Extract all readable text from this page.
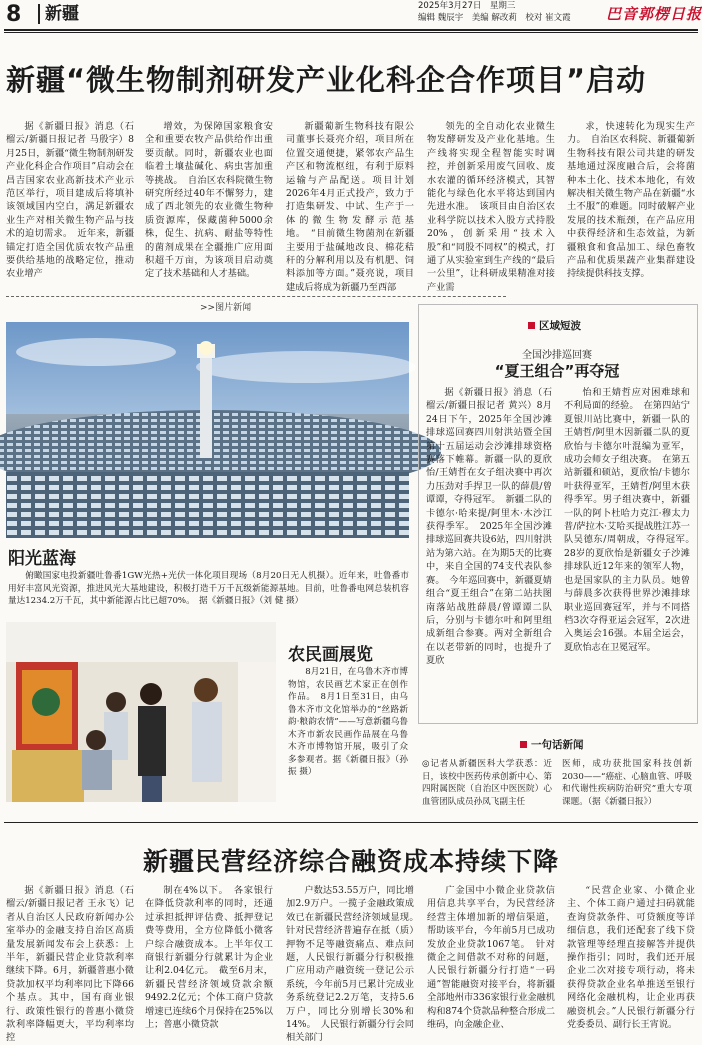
8	新疆	2025年3月27日　星期三
编辑 魏辰宇　美编 解改莉　校对 崔文霞 巴音郭楞日报
新疆“微生物制剂研发产业化科企合作项目”启动

据《新疆日报》消息（石榴云/新疆日报记者 马殷字）8月25日，新疆“微生物制剂研发产业化科企合作项目”启动会在昌吉国家农业高新技术产业示范区举行，项目建成后将填补该领域国内空白，满足新疆农业生产对相关微生物产品与技术的迫切需求。　近年来，新疆锚定打造全国优质农牧产品重要供给基地的战略定位，推动农业增产

增效，为保障国家粮食安全和重要农牧产品供给作出重要贡献。同时，新疆农业也面临着土壤盐碱化、病虫害加重等挑战。　自治区农科院微生物研究所经过40年不懈努力，建成了西北领先的农业微生物种质资源库，保藏菌种5000余株，促生、抗病、耐盐等特性的菌剂成果在全疆推广应用面积超千万亩，为该项目启动奠定了技术基础和人才基础。

新疆葡新生物科技有限公司董事长聂亮介绍，项目所在位置交通便捷，紧邻农产品生产区和物流枢纽，有利于原料运输与产品配送。项目计划2026年4月正式投产，致力于打造集研发、中试、生产于一体的微生物发酵示范基地。　“目前微生物菌剂在新疆主要用于盐碱地改良、棉花秸秆的分解利用以及有机肥、饲料添加等方面。”聂亮说，项目建成后将成为新疆乃至西部

领先的全自动化农业微生物发酵研发及产业化基地。生产线将实现全程智能实时调控，并创新采用废气回收、废水农灌的循环经济模式，其智能化与绿色化水平将达到国内先进水准。　该项目由自治区农业科学院以技术入股方式持股20%，创新采用“技术入股”和“同股不同权”的模式，打通了从实验室到生产线的“最后一公里”，让科研成果精准对接产业需

求，快速转化为现实生产力。　自治区农科院、新疆葡新生物科技有限公司共建的研发基地通过深度融合后，会将菌种本土化、技术本地化，有效解决相关微生物产品在新疆“水土不服”的难题。同时破解产业发展的技术瓶颈，在产品应用中获得经济和生态效益，为新疆粮食和食品加工、绿色畜牧产品和优质果蔬产业集群建设持续提供科技支撑。

>>图片新闻
阳光蓝海
俯瞰国家电投新疆吐鲁番1GW光热+光伏一体化项目现场（8月20日无人机摄）。近年来，吐鲁番市用好丰富风光资源，推进风光大基地建设，积极打造千万千瓦级新能源基地。目前，吐鲁番电网总装机容量达1234.2万千瓦，其中新能源占比已超70%。　 据《新疆日报》（刘 健 摄）
农民画展览
8月21日，在乌鲁木齐市博物馆，农民画艺术家正在创作作品。　8月1日至31日，由乌鲁木齐市文化馆举办的“丝路新韵·粮韵农情”——写意新疆乌鲁木齐市新农民画作品展在乌鲁木齐市博物馆开展，吸引了众多参观者。据《新疆日报》（孙 振 摄）
区域短波
全国沙排巡回赛
“夏王组合”再夺冠

据《新疆日报》消息（石榴云/新疆日报记者 黄兴）8月24日下午，2025年全国沙滩排球巡回赛四川射洪站暨全国第十五届运动会沙滩排球资格赛落下帷幕。新疆一队的夏欣怡/王婧哲在女子组决赛中再次力压劲对手捍卫一队的薛晨/曾谭谭，夺得冠军。　新疆二队的卡德尔·哈来提/阿里木·木沙江获得季军。　2025年全国沙滩排球巡回赛共设6站，四川射洪站为第六站。在为期5天的比赛中，来自全国的74支代表队参赛。　今年巡回赛中，新疆夏婧组合“夏王组合”在第二站扶图南落站战胜薛晨/曾谭谭二队后，分别与卡德尔叶和阿里组成新组合参赛。两对全新组合在以老带新的同时，也提升了夏欣

怡和王婧哲应对困难球和不利局面的经验。　在第四站宁夏银川站比赛中，新疆一队的王婧哲/阿里木因新疆二队的夏欣怡与卡德尔叶混编为亚军，成功会师女子组决赛。　在第五站新疆和硕站，夏欣怡/卡德尔叶获得亚军，王婧哲/阿里木获得季军。男子组决赛中，新疆一队的阿卜杜哈力克江·穆太力普/萨拉木·艾哈买提战胜江苏一队吴德东/周朝成，夺得冠军。　28岁的夏欣怡是新疆女子沙滩排球队近12年来的领军人物，也是国家队的主力队员。她曾与薛晨多次获得世界沙滩排球职业巡回赛冠军，并与不同搭档3次夺得亚运会冠军，2次进入奥运会16强。本届全运会，夏欣怡志在卫冕冠军。

一句话新闻
◎记者从新疆医科大学获悉：近日，该校中医药传承创新中心、第四附属医院（自治区中医医院）心血管团队成员孙凤飞副主任
医师，成功获批国家科技创新2030——“癌症、心脑血管、呼吸和代谢性疾病防治研究”重大专项课题。（据《新疆日报》）
新疆民营经济综合融资成本持续下降

据《新疆日报》消息（石榴云/新疆日报记者 王永飞）记者从自治区人民政府新闻办公室举办的金融支持自治区高质量发展新闻发布会上获悉：上半年，新疆民营企业贷款利率继续下降。6月，新疆普惠小微贷款加权平均利率同比下降66个基点。其中，国有商业银行、政策性银行的普惠小微贷款利率降幅更大，平均利率均控

制在4%以下。　各家银行在降低贷款利率的同时，还通过承担抵押评估费、抵押登记费等费用，全方位降低小微客户综合融资成本。上半年仅工商银行新疆分行就累计为企业让利2.04亿元。　截至6月末，新疆民营经济领域贷款余额9492.2亿元；个体工商户贷款增速已连续6个月保持在25%以上；普惠小微贷款

户数达53.55万户，同比增加2.9万户。一揽子金融政策成效已在新疆民营经济领域显现。　针对民营经济普遍存在抵（质）押物不足等融资痛点、难点问题，人民银行新疆分行积极推广应用动产融资统一登记公示系统，今年前5月已累计完成业务系统登记2.2万笔，支持5.6万户，同比分别增长30%和14%。　人民银行新疆分行会同相关部门

广金国中小微企业贷款信用信息共享平台，为民营经济经营主体增加新的增信渠道，帮助该平台，今年前5月已成功发放企业贷款1067笔。　针对微企之间借款不对称的问题，人民银行新疆分行打造“一码通”智能融资对接平台，将新疆全部地州市336家银行业金融机构和874个贷款品种整合形成二维码，向金融企业、

“民营企业家、小微企业主、个体工商户通过扫码就能查询贷款条件、可贷额度等详细信息，我们还配套了线下贷款管理等经理直接解答并提供操作指引；同时，我们还开展企业二次对接专项行动，将未获得贷款企业名单推送至银行网络化金融机构，让企业再获融资机会。”人民银行新疆分行党委委员、副行长王宵说。
